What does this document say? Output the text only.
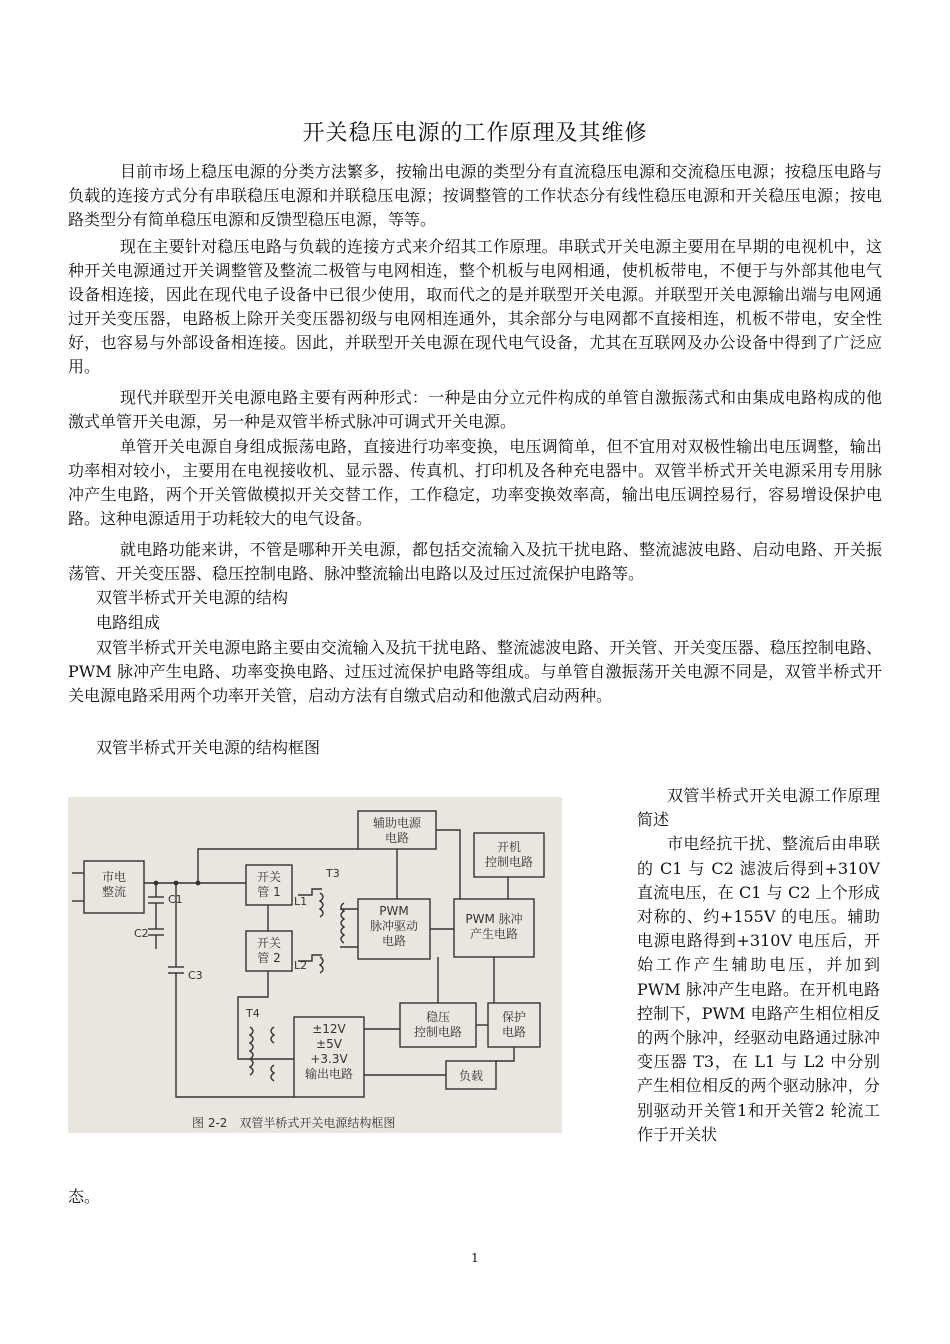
开关稳压电源的工作原理及其维修

目前市场上稳压电源的分类方法繁多，按输出电源的类型分有直流稳压电源和交流稳压电源；按稳压电路与负载的连接方式分有串联稳压电源和并联稳压电源；按调整管的工作状态分有线性稳压电源和开关稳压电源；按电路类型分有简单稳压电源和反馈型稳压电源，等等。

现在主要针对稳压电路与负载的连接方式来介绍其工作原理。串联式开关电源主要用在早期的电视机中，这种开关电源通过开关调整管及整流二极管与电网相连，整个机板与电网相通，使机板带电，不便于与外部其他电气设备相连接，因此在现代电子设备中已很少使用，取而代之的是并联型开关电源。并联型开关电源输出端与电网通过开关变压器，电路板上除开关变压器初级与电网相连通外，其余部分与电网都不直接相连，机板不带电，安全性好，也容易与外部设备相连接。因此，并联型开关电源在现代电气设备，尤其在互联网及办公设备中得到了广泛应用。

现代并联型开关电源电路主要有两种形式：一种是由分立元件构成的单管自激振荡式和由集成电路构成的他激式单管开关电源，另一种是双管半桥式脉冲可调式开关电源。

单管开关电源自身组成振荡电路，直接进行功率变换，电压调简单，但不宜用对双极性输出电压调整，输出功率相对较小，主要用在电视接收机、显示器、传真机、打印机及各种充电器中。双管半桥式开关电源采用专用脉冲产生电路，两个开关管做模拟开关交替工作，工作稳定，功率变换效率高，输出电压调控易行，容易增设保护电路。这种电源适用于功耗较大的电气设备。

就电路功能来讲，不管是哪种开关电源，都包括交流输入及抗干扰电路、整流滤波电路、启动电路、开关振荡管、开关变压器、稳压控制电路、脉冲整流输出电路以及过压过流保护电路等。

双管半桥式开关电源的结构

电路组成

双管半桥式开关电源电路主要由交流输入及抗干扰电路、整流滤波电路、开关管、开关变压器、稳压控制电路、PWM 脉冲产生电路、功率变换电路、过压过流保护电路等组成。与单管自激振荡开关电源不同是，双管半桥式开关电源电路采用两个功率开关管，启动方法有自缴式启动和他激式启动两种。

双管半桥式开关电源的结构框图

市电整流
辅助电源电路
开机控制电路
开关管 1
开关管 2
PWM 脉冲驱动电路
PWM 脉冲产生电路
稳压控制电路
保护电路
±12V ±5V +3.3V 输出电路	负载
C1
C2
C3
T3
T4
L1
L2
图 2-2　双管半桥式开关电源结构框图
双管半桥式开关电源工作原理简述
市电经抗干扰、整流后由串联的 C1 与 C2 滤波后得到+310V 直流电压，在 C1 与 C2 上个形成对称的、约+155V 的电压。辅助电源电路得到+310V 电压后，开始工作产生辅助电压，并加到 PWM 脉冲产生电路。在开机电路控制下，PWM 电路产生相位相反的两个脉冲，经驱动电路通过脉冲变压器 T3，在 L1 与 L2 中分别产生相位相反的两个驱动脉冲，分别驱动开关管1和开关管2 轮流工作于开关状

态。

1
